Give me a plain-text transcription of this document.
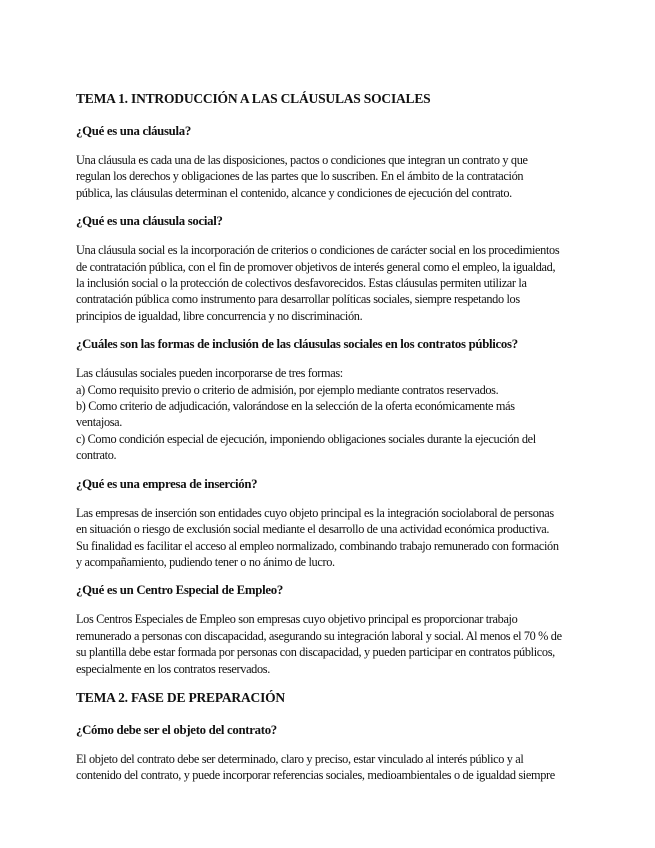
TEMA 1. INTRODUCCIÓN A LAS CLÁUSULAS SOCIALES
¿Qué es una cláusula?

Una cláusula es cada una de las disposiciones, pactos o condiciones que integran un contrato y que
regulan los derechos y obligaciones de las partes que lo suscriben. En el ámbito de la contratación
pública, las cláusulas determinan el contenido, alcance y condiciones de ejecución del contrato.

¿Qué es una cláusula social?

Una cláusula social es la incorporación de criterios o condiciones de carácter social en los procedimientos
de contratación pública, con el fin de promover objetivos de interés general como el empleo, la igualdad,
la inclusión social o la protección de colectivos desfavorecidos. Estas cláusulas permiten utilizar la
contratación pública como instrumento para desarrollar políticas sociales, siempre respetando los
principios de igualdad, libre concurrencia y no discriminación.

¿Cuáles son las formas de inclusión de las cláusulas sociales en los contratos públicos?

Las cláusulas sociales pueden incorporarse de tres formas:
a) Como requisito previo o criterio de admisión, por ejemplo mediante contratos reservados.
b) Como criterio de adjudicación, valorándose en la selección de la oferta económicamente más
ventajosa.
c) Como condición especial de ejecución, imponiendo obligaciones sociales durante la ejecución del
contrato.

¿Qué es una empresa de inserción?

Las empresas de inserción son entidades cuyo objeto principal es la integración sociolaboral de personas
en situación o riesgo de exclusión social mediante el desarrollo de una actividad económica productiva.
Su finalidad es facilitar el acceso al empleo normalizado, combinando trabajo remunerado con formación
y acompañamiento, pudiendo tener o no ánimo de lucro.

¿Qué es un Centro Especial de Empleo?

Los Centros Especiales de Empleo son empresas cuyo objetivo principal es proporcionar trabajo
remunerado a personas con discapacidad, asegurando su integración laboral y social. Al menos el 70 % de
su plantilla debe estar formada por personas con discapacidad, y pueden participar en contratos públicos,
especialmente en los contratos reservados.

TEMA 2. FASE DE PREPARACIÓN
¿Cómo debe ser el objeto del contrato?

El objeto del contrato debe ser determinado, claro y preciso, estar vinculado al interés público y al
contenido del contrato, y puede incorporar referencias sociales, medioambientales o de igualdad siempre
